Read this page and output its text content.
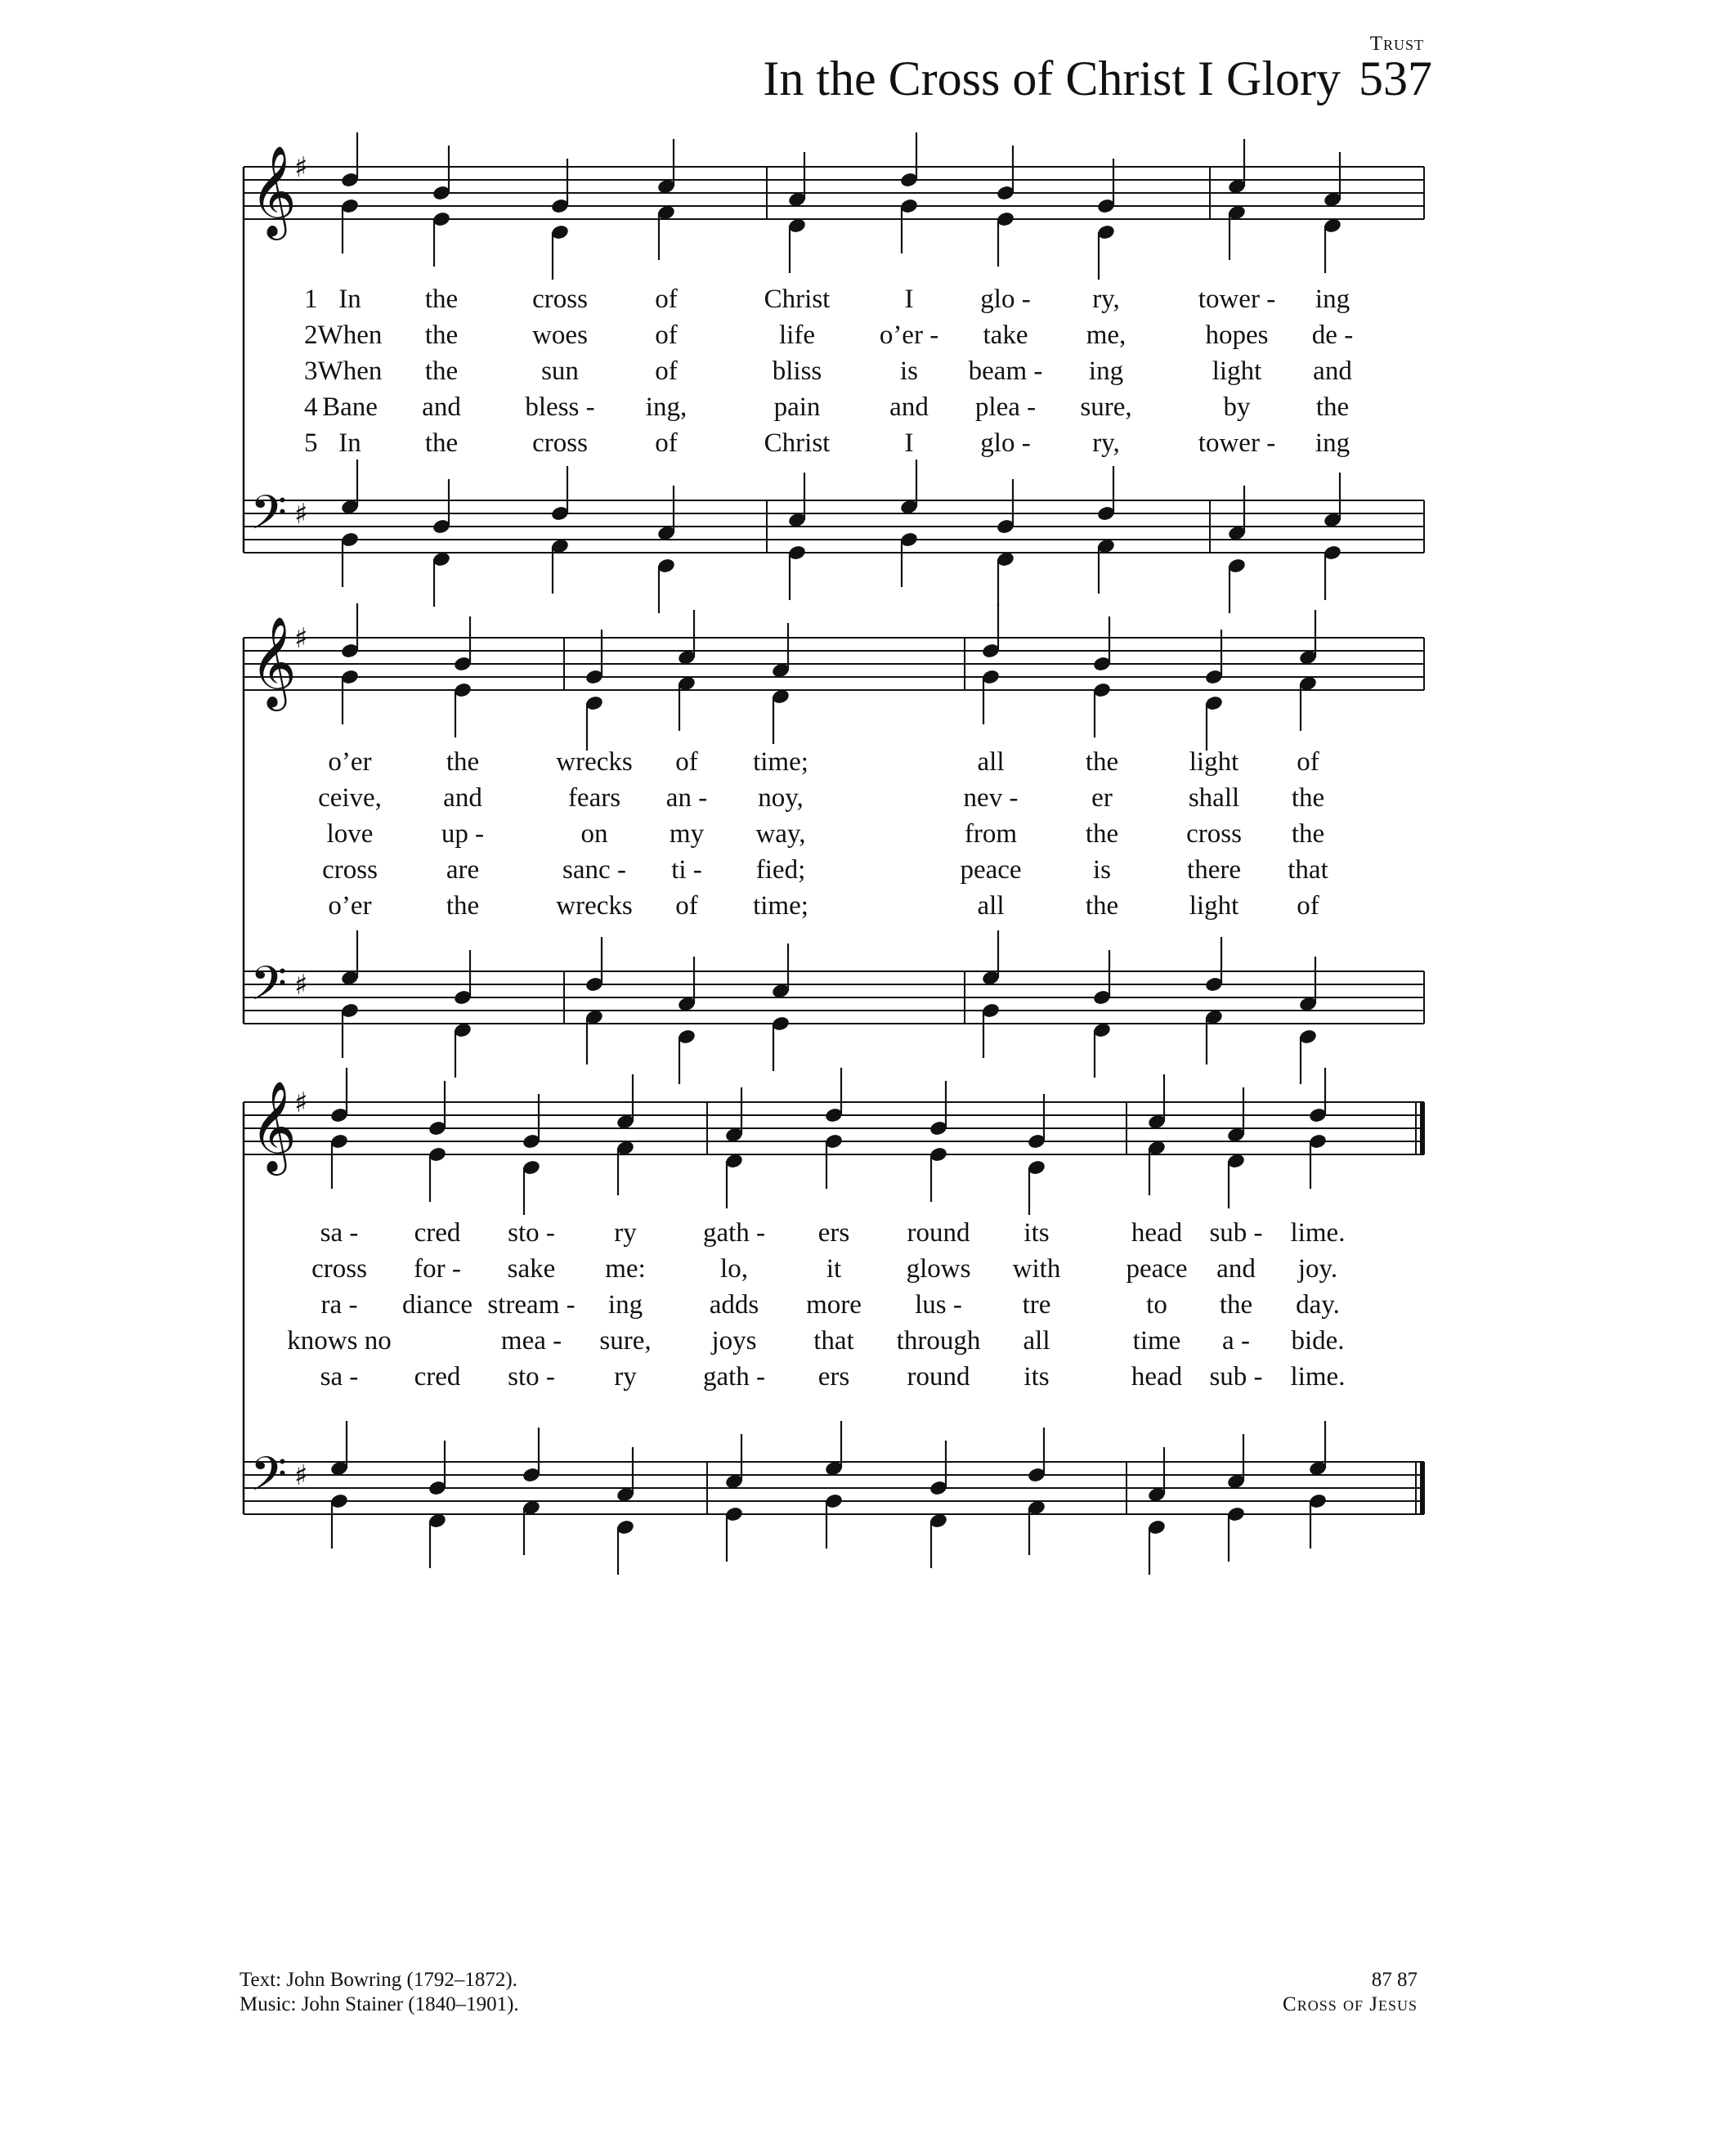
Trust
In the Cross of Christ I Glory 537
𝄞
𝄢
♯
♯
𝄞
𝄢
♯
♯
𝄞
𝄢
♯
♯
1
2
3
4
5
In
When
When
Bane
In
the
the
the
and
the
cross
woes
sun
bless -
cross
of
of
of
ing,
of
Christ
life
bliss
pain
Christ
I
o’er -
is
and
I
glo -
take
beam -
plea -
glo -
ry,
me,
ing
sure,
ry,
tower -
hopes
light
by
tower -
ing
de -
and
the
ing
o’er
ceive,
love
cross
o’er
the
and
up -
are
the
wrecks
fears
on
sanc -
wrecks
of
an -
my
ti -
of
time;
noy,
way,
fied;
time;
all
nev -
from
peace
all
the
er
the
is
the
light
shall
cross
there
light
of
the
the
that
of
sa -
cross
ra -
knows no
sa -
cred
for -
diance
cred
sto -
sake
stream -
mea -
sto -
ry
me:
ing
sure,
ry
gath -
lo,
adds
joys
gath -
ers
it
more
that
ers
round
glows
lus -
through
round
its
with
tre
all
its
head
peace
to
time
head
sub -
and
the
a -
sub -
lime.
joy.
day.
bide.
lime.
Text: John Bowring (1792–1872).
Music: John Stainer (1840–1901).
87 87
Cross of Jesus
